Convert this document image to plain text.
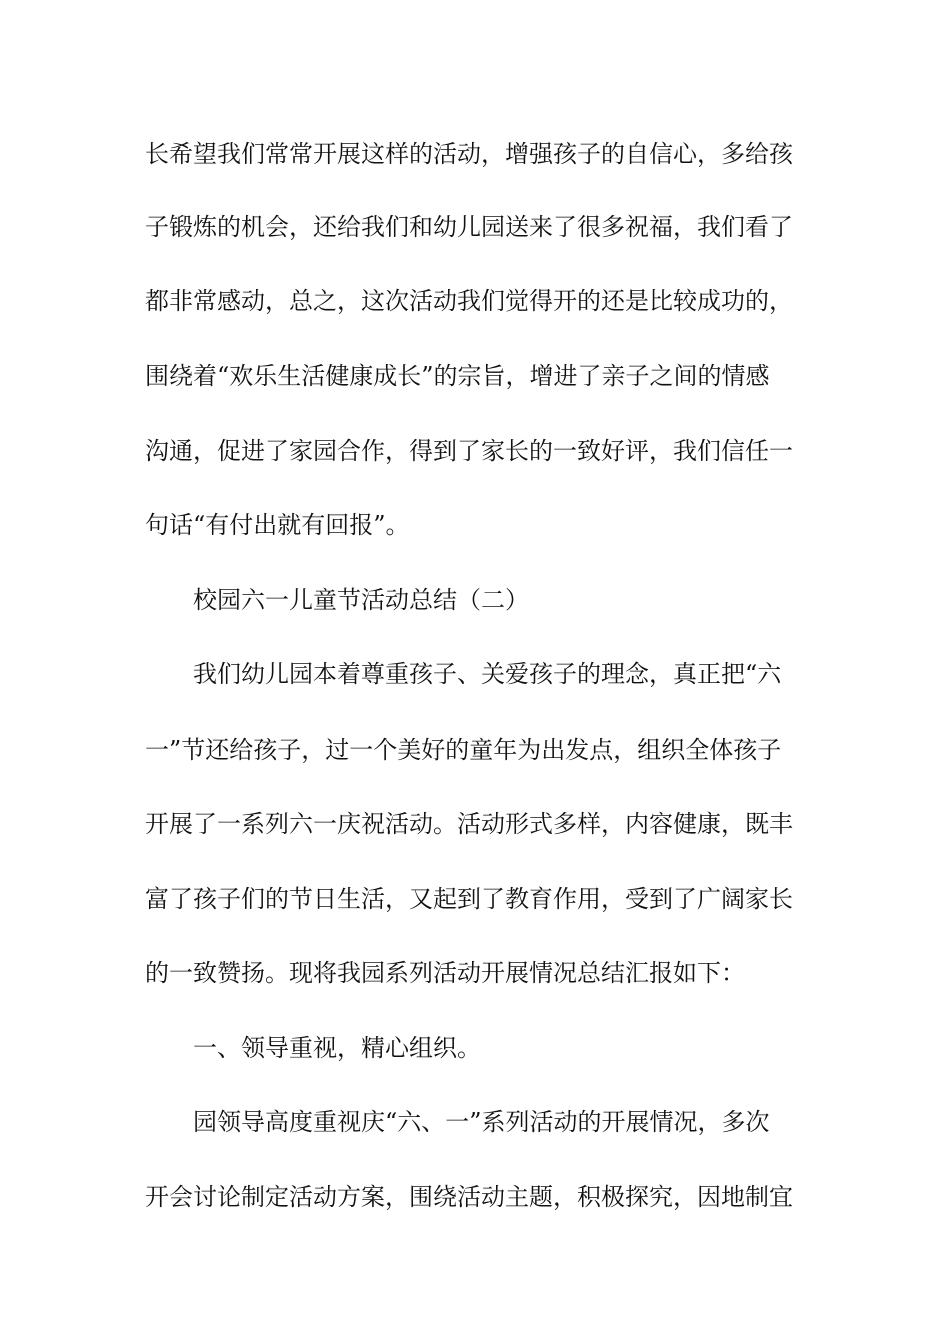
长希望我们常常开展这样的活动，增强孩子的自信心，多给孩
子锻炼的机会，还给我们和幼儿园送来了很多祝福，我们看了
都非常感动，总之，这次活动我们觉得开的还是比较成功的，
围绕着“欢乐生活健康成长”的宗旨，增进了亲子之间的情感
沟通，促进了家园合作，得到了家长的一致好评，我们信任一
句话“有付出就有回报”。
校园六一儿童节活动总结（二）
我们幼儿园本着尊重孩子、关爱孩子的理念，真正把“六
一”节还给孩子，过一个美好的童年为出发点，组织全体孩子
开展了一系列六一庆祝活动。活动形式多样，内容健康，既丰
富了孩子们的节日生活，又起到了教育作用，受到了广阔家长
的一致赞扬。现将我园系列活动开展情况总结汇报如下：
一、领导重视，精心组织。
园领导高度重视庆“六、一”系列活动的开展情况，多次
开会讨论制定活动方案，围绕活动主题，积极探究，因地制宜
